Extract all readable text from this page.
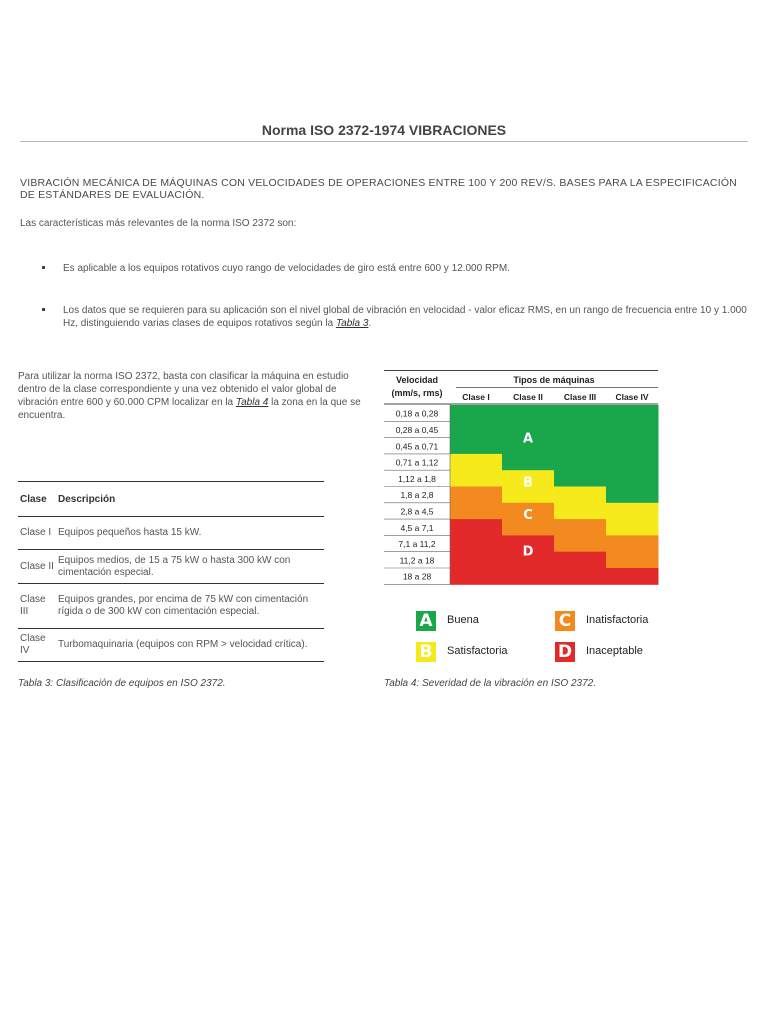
Norma ISO 2372-1974 VIBRACIONES
VIBRACIÓN MECÁNICA DE MÁQUINAS CON VELOCIDADES DE OPERACIONES ENTRE 100 Y 200 REV/S. BASES PARA LA ESPECIFICACIÓN DE ESTÁNDARES DE EVALUACIÓN.
Las características más relevantes de la norma ISO 2372 son:
Es aplicable a los equipos rotativos cuyo rango de velocidades de giro está entre 600 y 12.000 RPM.
Los datos que se requieren para su aplicación son el nivel global de vibración en velocidad - valor eficaz RMS, en un rango de frecuencia entre 10 y 1.000 Hz, distinguiendo varias clases de equipos rotativos según la Tabla 3.
Para utilizar la norma ISO 2372, basta con clasificar la máquina en estudio dentro de la clase correspondiente y una vez obtenido el valor global de vibración entre 600 y 60.000 CPM localizar en la Tabla 4 la zona en la que se encuentra.
Clase	Descripción
Clase I	Equipos pequeños hasta 15 kW.
Clase II	Equipos medios, de 15 a 75 kW o hasta 300 kW con cimentación especial.
Clase III	Equipos grandes, por encima de 75 kW con cimentación rígida o de 300 kW con cimentación especial.
Clase IV	Turbomaquinaria (equipos con RPM > velocidad crítica).
Tabla 3: Clasificación de equipos en ISO 2372.
Velocidad
(mm/s, rms)
Tipos de máquinas
Clase I	Clase II Clase III Clase IV
0,18 a 0,28
0,28 a 0,45
0,45 a 0,71
0,71 a 1,12
1,12 a 1,8
1,8 a 2,8
2,8 a 4,5
4,5 a 7,1
7,1 a 11,2
11,2 a 18
18 a 28
A
B
C
D
A	Buena	C	Inatisfactoria
B	Satisfactoria	D Inaceptable
Tabla 4: Severidad de la vibración en ISO 2372.
